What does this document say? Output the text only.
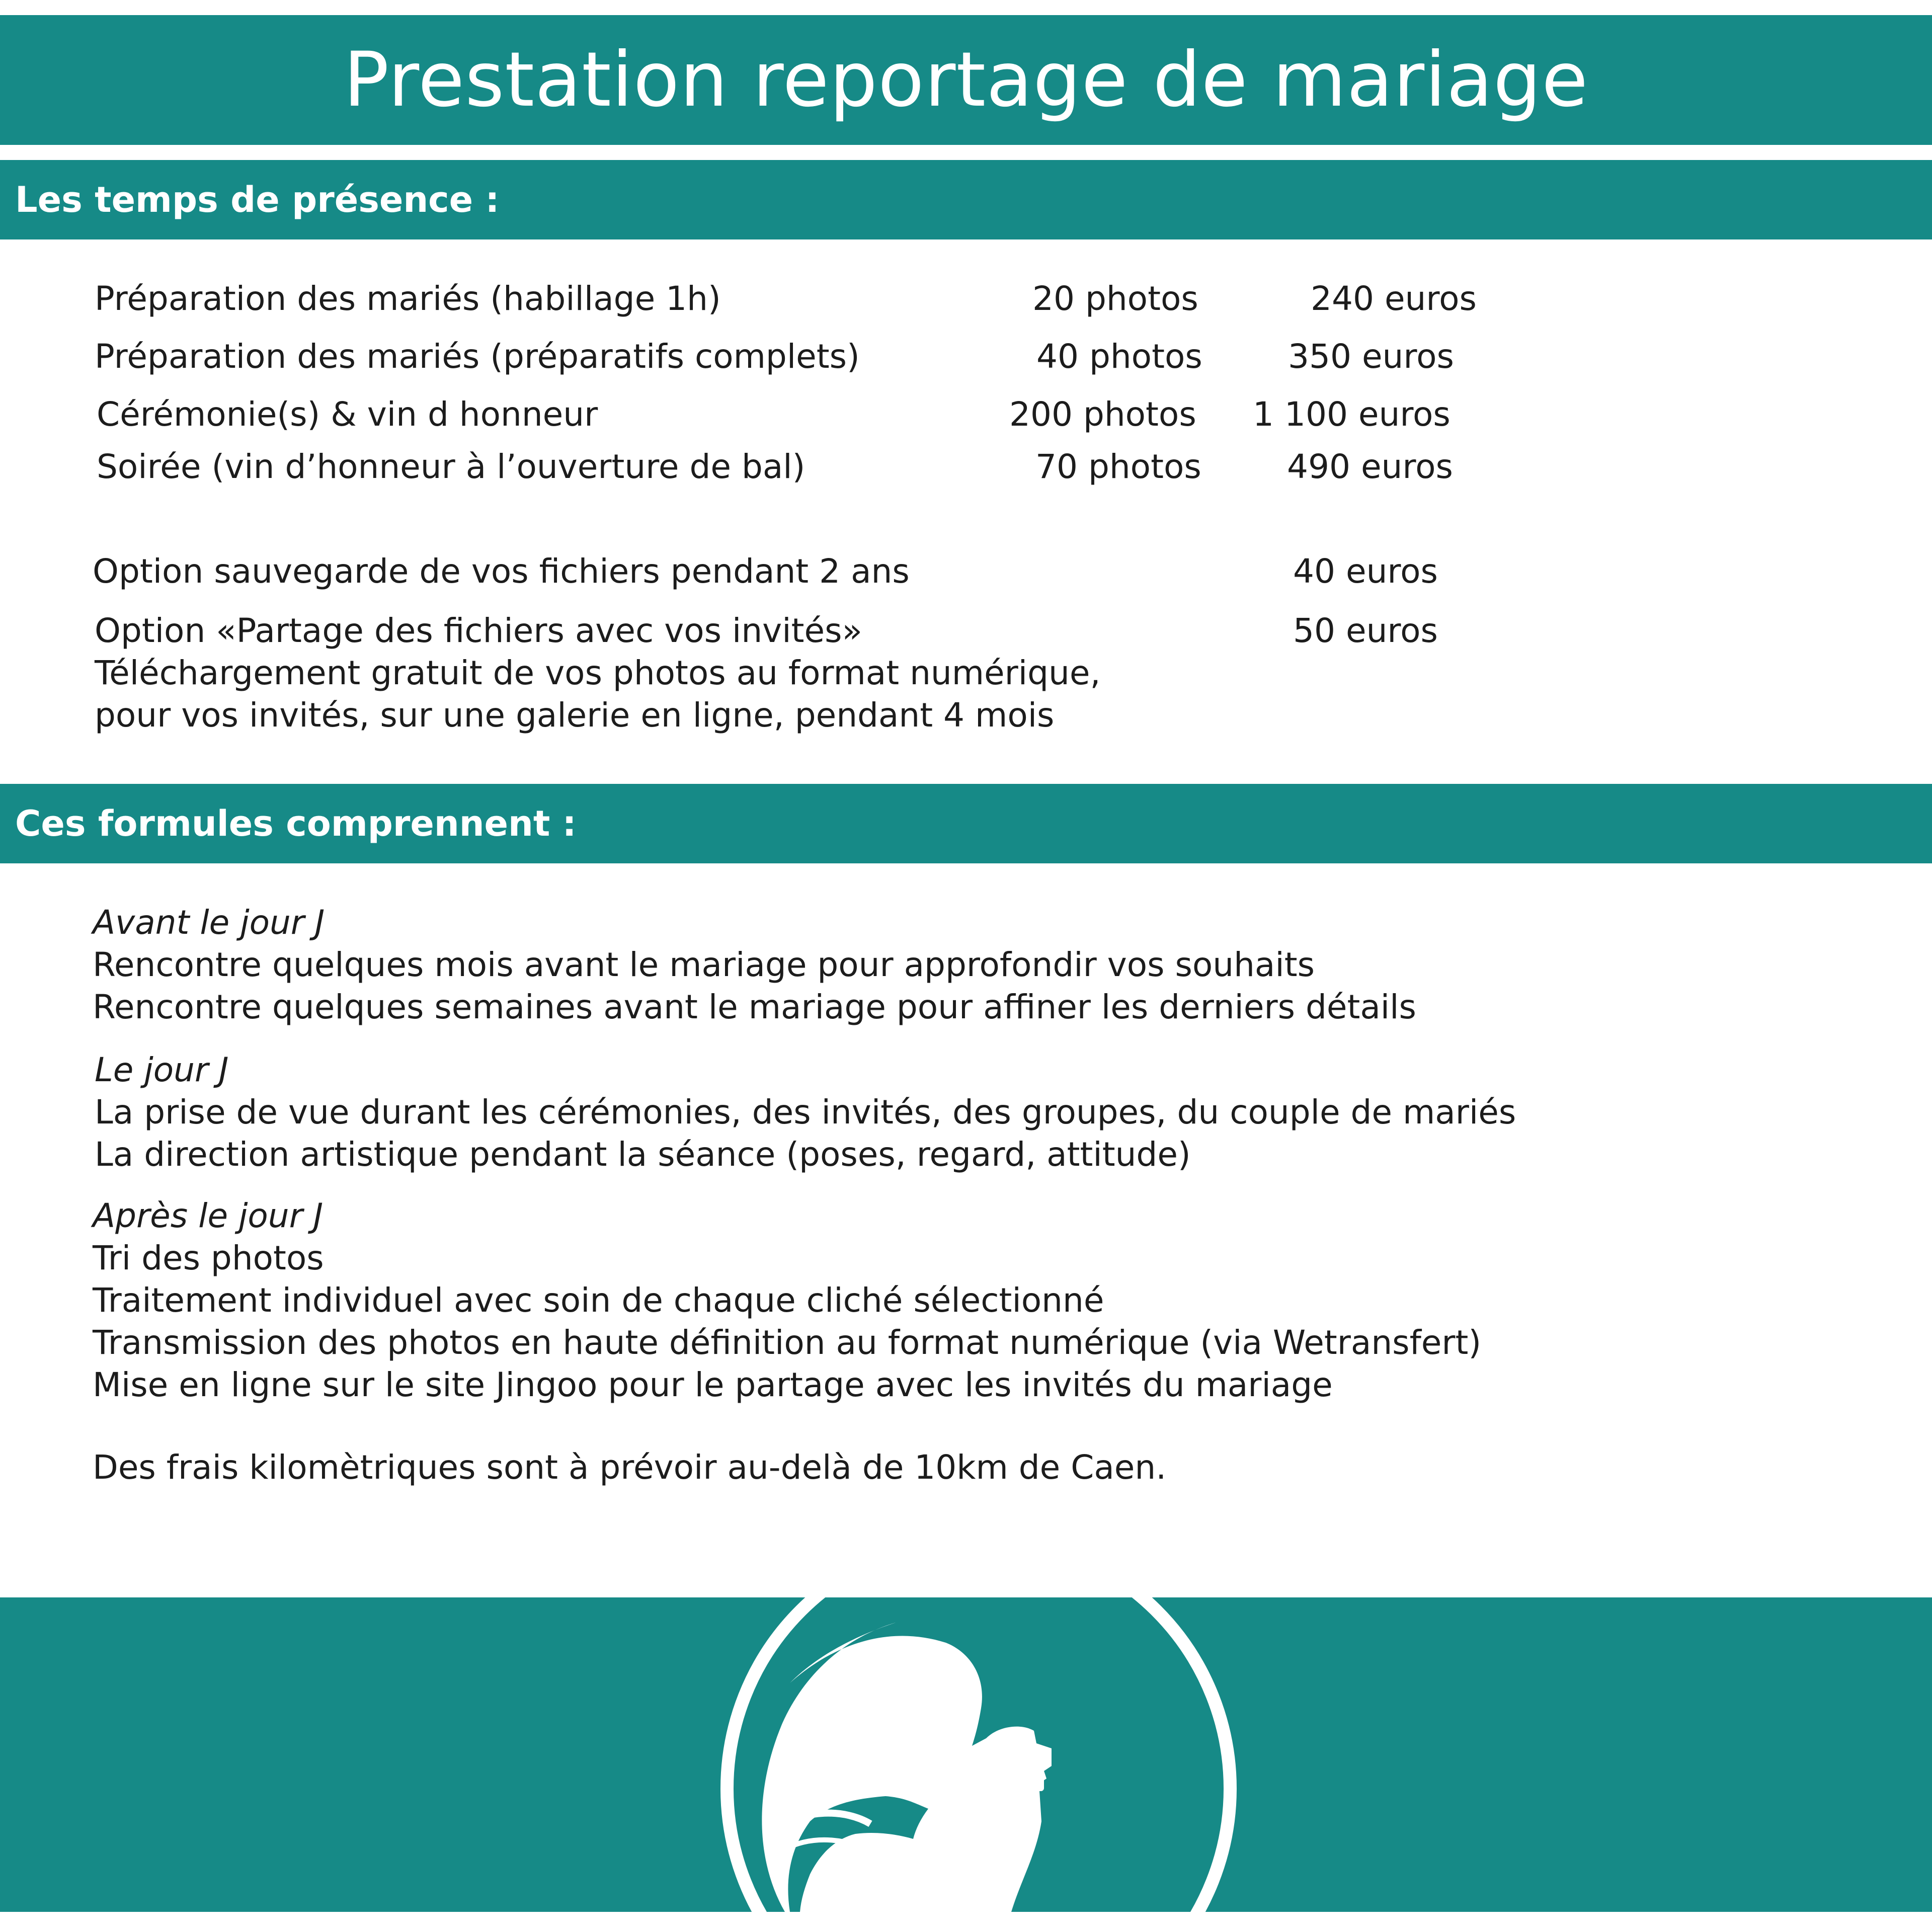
Prestation reportage de mariage
Les temps de présence :
Préparation des mariés (habillage 1h)	20 photos	240 euros
Préparation des mariés (préparatifs complets)	40 photos	350 euros
Cérémonie(s) & vin d honneur	200 photos 1 100 euros
Soirée (vin d’honneur à l’ouverture de bal)	70 photos	490 euros
Option sauvegarde de vos fichiers pendant 2 ans	40 euros
Option «Partage des fichiers avec vos invités»	50 euros
Téléchargement gratuit de vos photos au format numérique,
pour vos invités, sur une galerie en ligne, pendant 4 mois
Ces formules comprennent :
Avant le jour J
Rencontre quelques mois avant le mariage pour approfondir vos souhaits
Rencontre quelques semaines avant le mariage pour affiner les derniers détails
Le jour J
La prise de vue durant les cérémonies, des invités, des groupes, du couple de mariés
La direction artistique pendant la séance (poses, regard, attitude)
Après le jour J
Tri des photos
Traitement individuel avec soin de chaque cliché sélectionné
Transmission des photos en haute définition au format numérique (via Wetransfert)
Mise en ligne sur le site Jingoo pour le partage avec les invités du mariage
Des frais kilomètriques sont à prévoir au-delà de 10km de Caen.
